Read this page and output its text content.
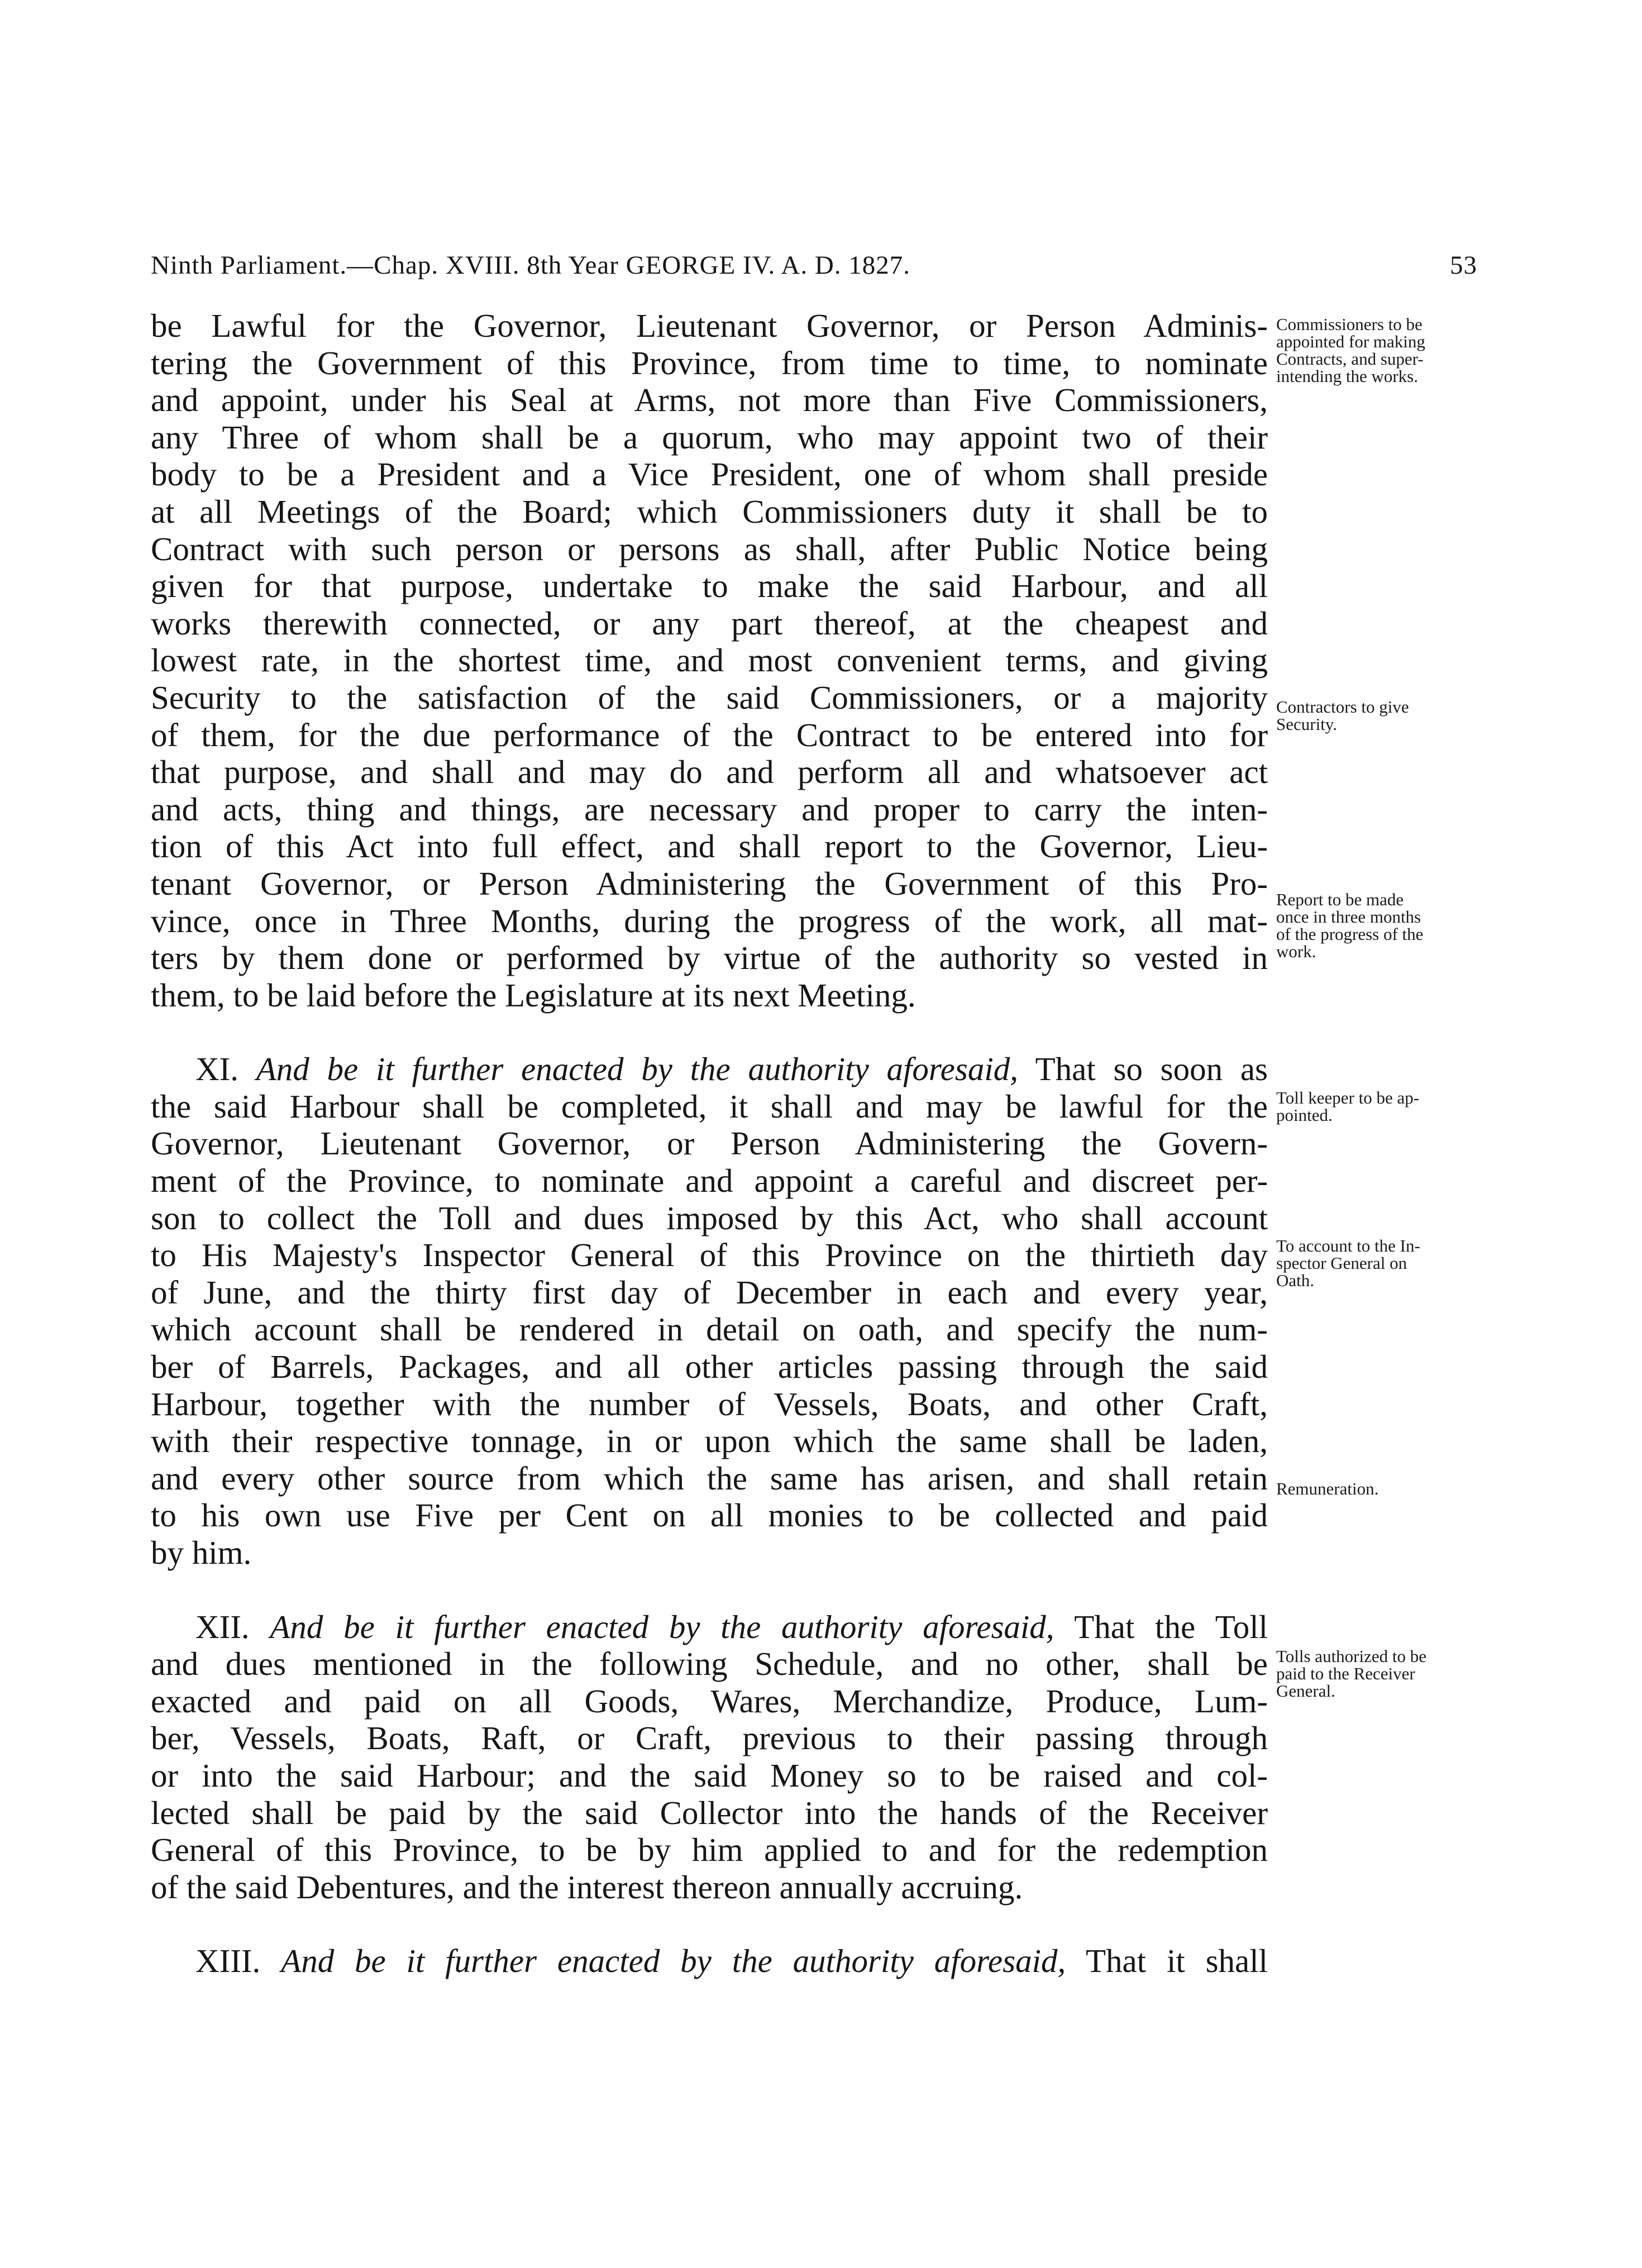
Ninth Parliament.—Chap. XVIII. 8th Year GEORGE IV. A. D. 1827.	53
be Lawful for the Governor, Lieutenant Governor, or Person Adminis-
tering the Government of this Province, from time to time, to nominate
and appoint, under his Seal at Arms, not more than Five Commissioners,
any Three of whom shall be a quorum, who may appoint two of their
body to be a President and a Vice President, one of whom shall preside
at all Meetings of the Board; which Commissioners duty it shall be to
Contract with such person or persons as shall, after Public Notice being
given for that purpose, undertake to make the said Harbour, and all
works therewith connected, or any part thereof, at the cheapest and
lowest rate, in the shortest time, and most convenient terms, and giving
Security to the satisfaction of the said Commissioners, or a majority
of them, for the due performance of the Contract to be entered into for
that purpose, and shall and may do and perform all and whatsoever act
and acts, thing and things, are necessary and proper to carry the inten-
tion of this Act into full effect, and shall report to the Governor, Lieu-
tenant Governor, or Person Administering the Government of this Pro-
vince, once in Three Months, during the progress of the work, all mat-
ters by them done or performed by virtue of the authority so vested in
them, to be laid before the Legislature at its next Meeting.
XI. And be it further enacted by the authority aforesaid, That so soon as
the said Harbour shall be completed, it shall and may be lawful for the
Governor, Lieutenant Governor, or Person Administering the Govern-
ment of the Province, to nominate and appoint a careful and discreet per-
son to collect the Toll and dues imposed by this Act, who shall account
to His Majesty's Inspector General of this Province on the thirtieth day
of June, and the thirty first day of December in each and every year,
which account shall be rendered in detail on oath, and specify the num-
ber of Barrels, Packages, and all other articles passing through the said
Harbour, together with the number of Vessels, Boats, and other Craft,
with their respective tonnage, in or upon which the same shall be laden,
and every other source from which the same has arisen, and shall retain
to his own use Five per Cent on all monies to be collected and paid
by him.
XII. And be it further enacted by the authority aforesaid, That the Toll
and dues mentioned in the following Schedule, and no other, shall be
exacted and paid on all Goods, Wares, Merchandize, Produce, Lum-
ber, Vessels, Boats, Raft, or Craft, previous to their passing through
or into the said Harbour; and the said Money so to be raised and col-
lected shall be paid by the said Collector into the hands of the Receiver
General of this Province, to be by him applied to and for the redemption
of the said Debentures, and the interest thereon annually accruing.
XIII. And be it further enacted by the authority aforesaid, That it shall
Commissioners to be
appointed for making
Contracts, and super-
intending the works.
Contractors to give
Security.
Report to be made
once in three months
of the progress of the
work.
Toll keeper to be ap-
pointed.
To account to the In-
spector General on
Oath.
Remuneration.
Tolls authorized to be
paid to the Receiver
General.
